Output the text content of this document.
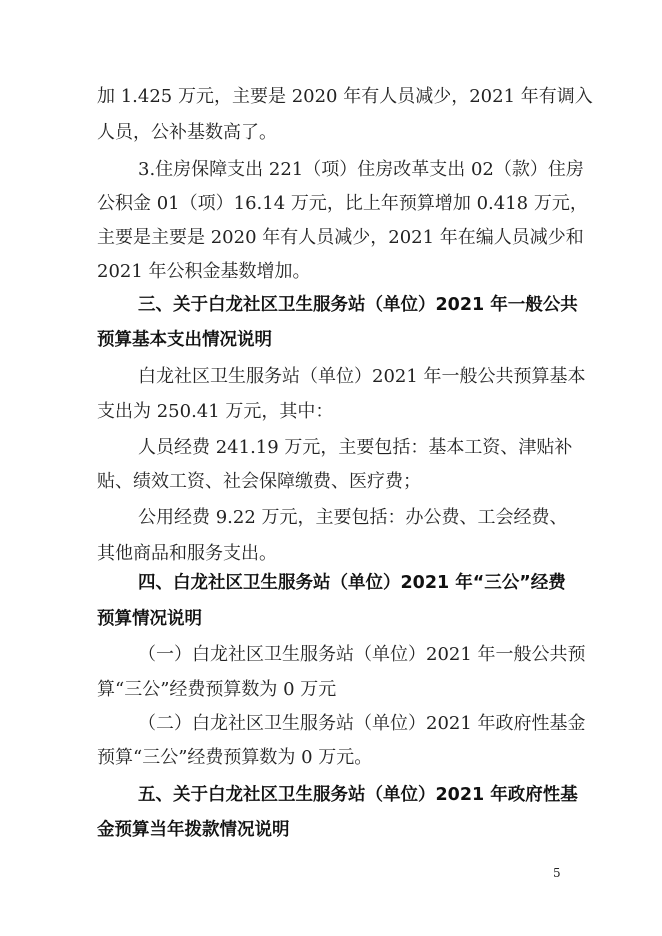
加 1.425 万元，主要是 2020 年有人员减少，2021 年有调入
人员，公补基数高了。
3.住房保障支出 221（项）住房改革支出 02（款）住房
公积金 01（项）16.14 万元，比上年预算增加 0.418 万元，
主要是主要是 2020 年有人员减少，2021 年在编人员减少和
2021 年公积金基数增加。
三、关于白龙社区卫生服务站（单位）2021 年一般公共
预算基本支出情况说明
白龙社区卫生服务站（单位）2021 年一般公共预算基本
支出为 250.41 万元，其中：
人员经费 241.19 万元，主要包括：基本工资、津贴补
贴、绩效工资、社会保障缴费、医疗费；
公用经费 9.22 万元，主要包括：办公费、工会经费、
其他商品和服务支出。
四、白龙社区卫生服务站（单位）2021 年“三公”经费
预算情况说明
（一）白龙社区卫生服务站（单位）2021 年一般公共预
算“三公”经费预算数为 0 万元
（二）白龙社区卫生服务站（单位）2021 年政府性基金
预算“三公”经费预算数为 0 万元。
五、关于白龙社区卫生服务站（单位）2021 年政府性基
金预算当年拨款情况说明
5
